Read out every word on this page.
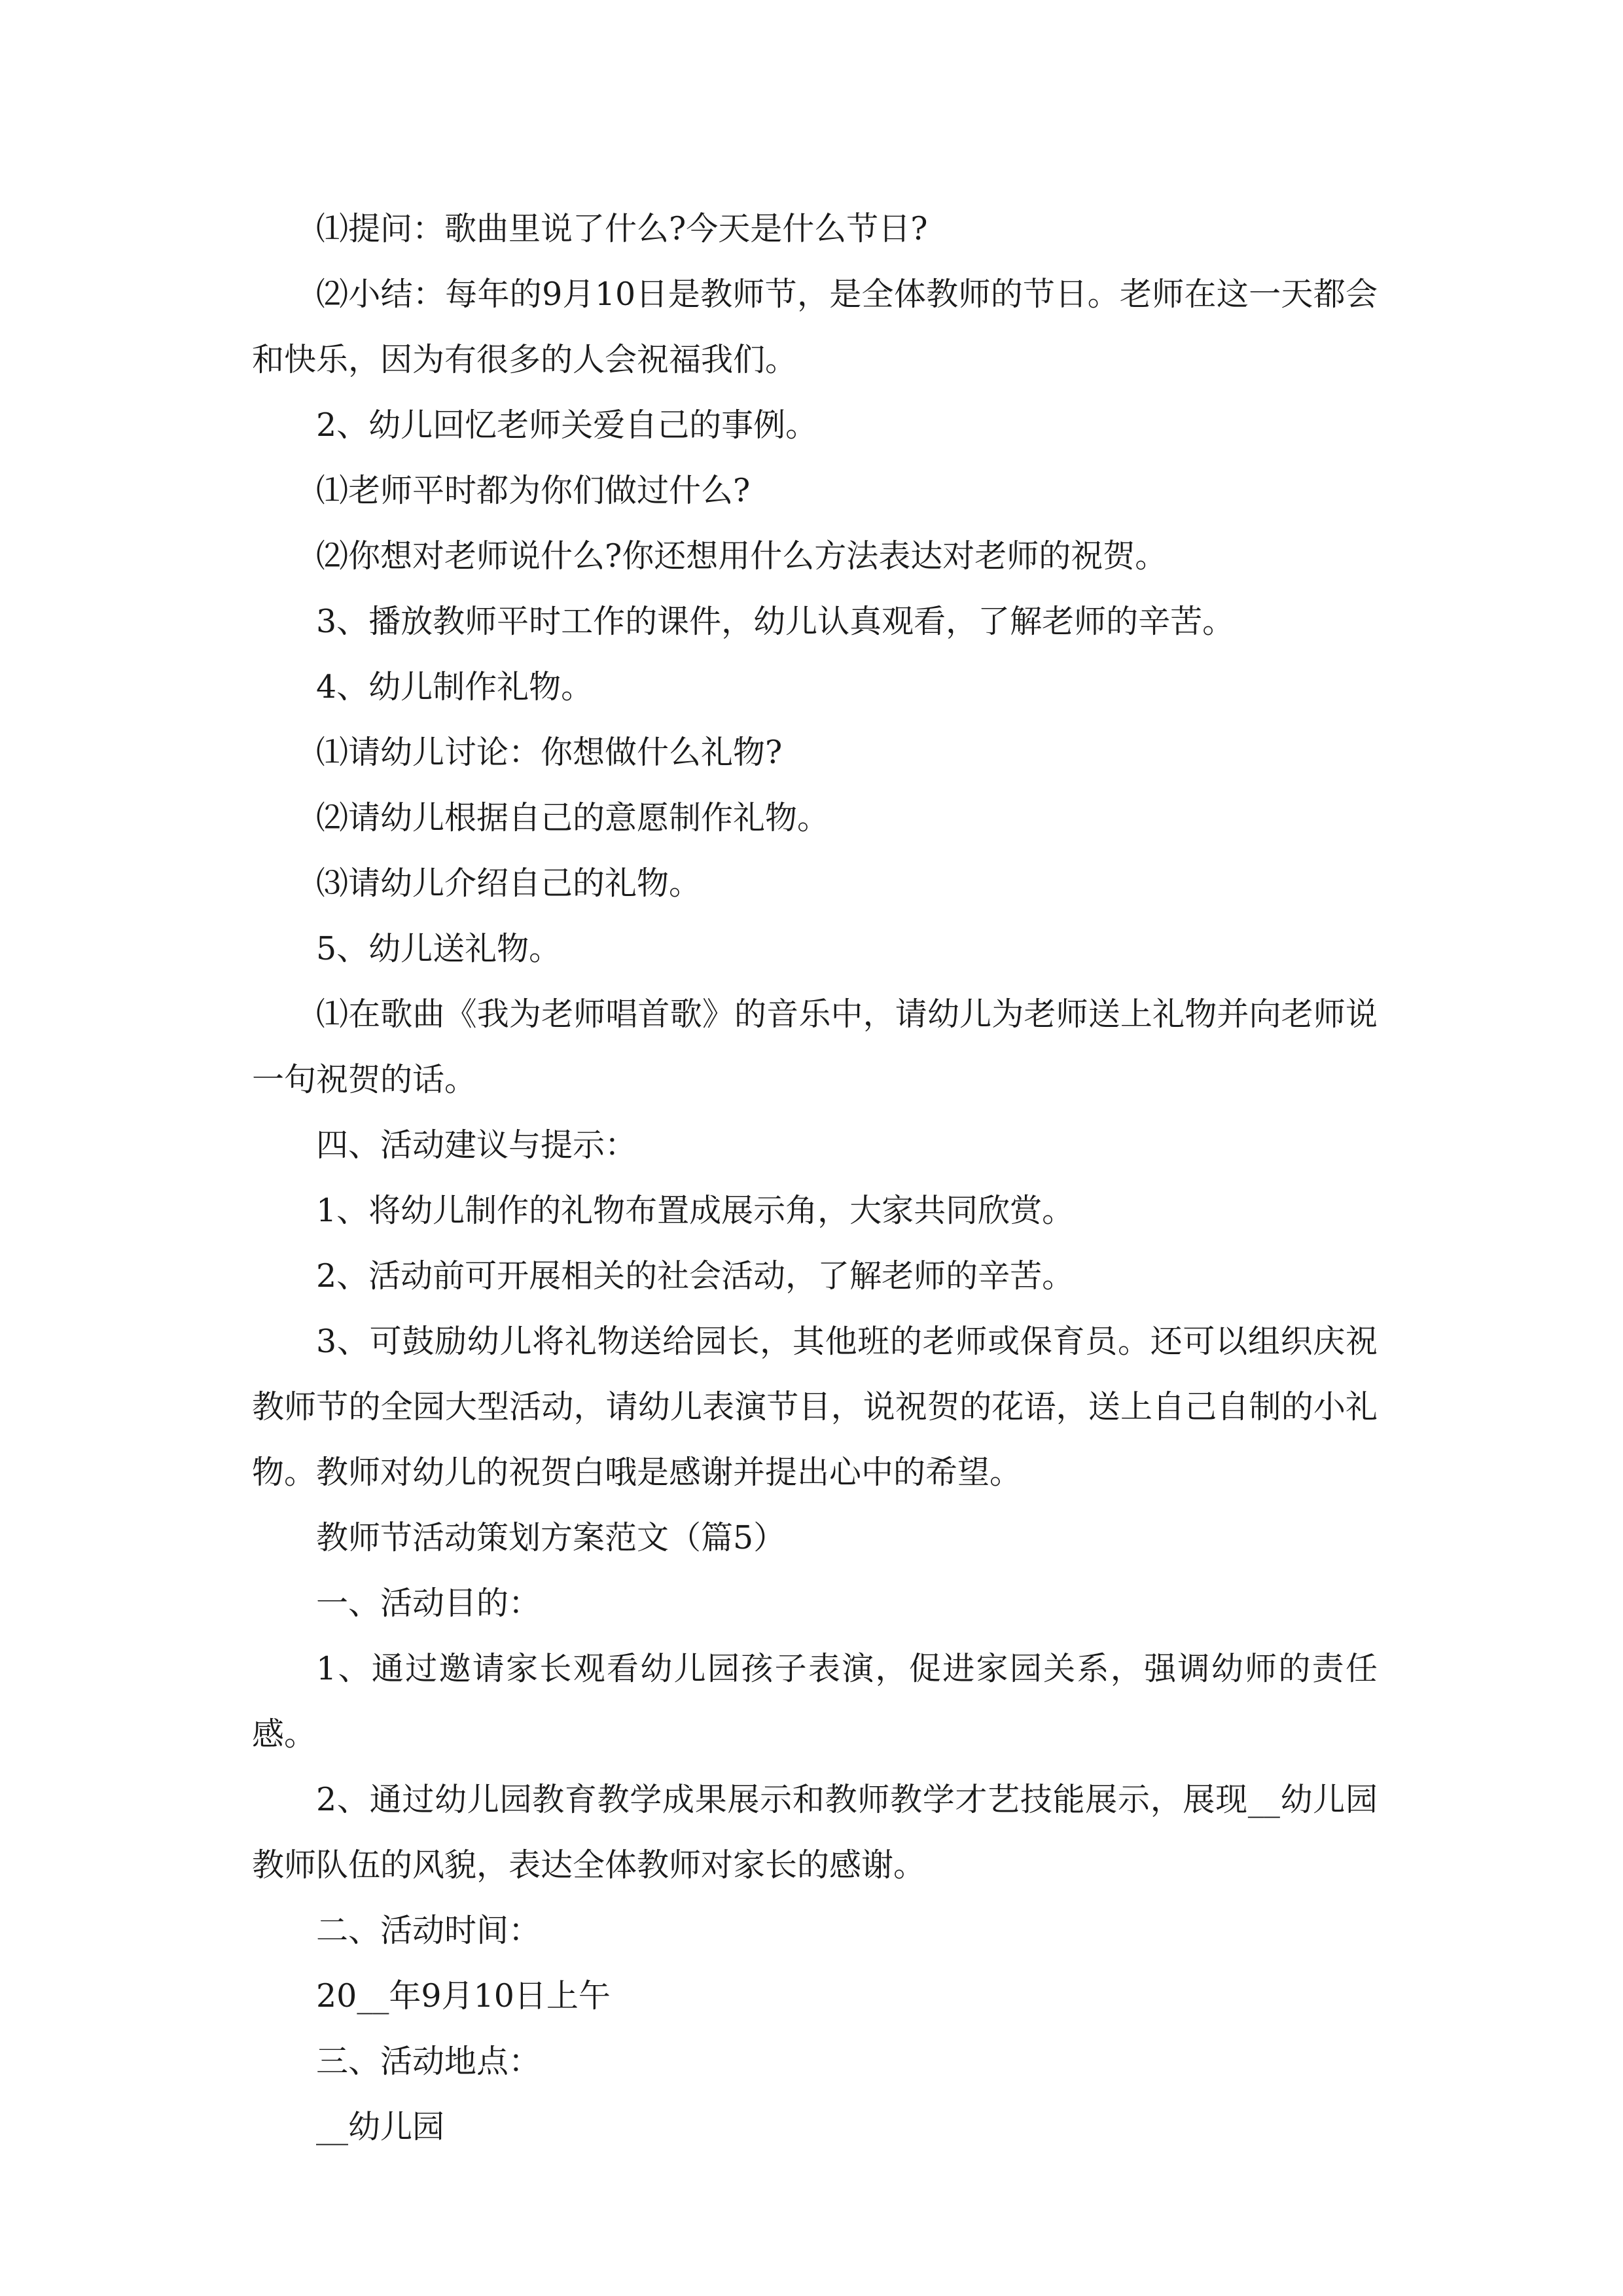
⑴提问：歌曲里说了什么?今天是什么节日?

⑵小结：每年的9月10日是教师节，是全体教师的节日。老师在这一天都会和快乐，因为有很多的人会祝福我们。

2、幼儿回忆老师关爱自己的事例。

⑴老师平时都为你们做过什么?

⑵你想对老师说什么?你还想用什么方法表达对老师的祝贺。

3、播放教师平时工作的课件，幼儿认真观看，了解老师的辛苦。

4、幼儿制作礼物。

⑴请幼儿讨论：你想做什么礼物?

⑵请幼儿根据自己的意愿制作礼物。

⑶请幼儿介绍自己的礼物。

5、幼儿送礼物。

⑴在歌曲《我为老师唱首歌》的音乐中，请幼儿为老师送上礼物并向老师说一句祝贺的话。

四、活动建议与提示：

1、将幼儿制作的礼物布置成展示角，大家共同欣赏。

2、活动前可开展相关的社会活动，了解老师的辛苦。

3、可鼓励幼儿将礼物送给园长，其他班的老师或保育员。还可以组织庆祝教师节的全园大型活动，请幼儿表演节目，说祝贺的花语，送上自己自制的小礼物。教师对幼儿的祝贺白哦是感谢并提出心中的希望。

教师节活动策划方案范文（篇5）

一、活动目的：

1、通过邀请家长观看幼儿园孩子表演，促进家园关系，强调幼师的责任感。

2、通过幼儿园教育教学成果展示和教师教学才艺技能展示，展现__幼儿园教师队伍的风貌，表达全体教师对家长的感谢。

二、活动时间：

20__年9月10日上午

三、活动地点：

__幼儿园
